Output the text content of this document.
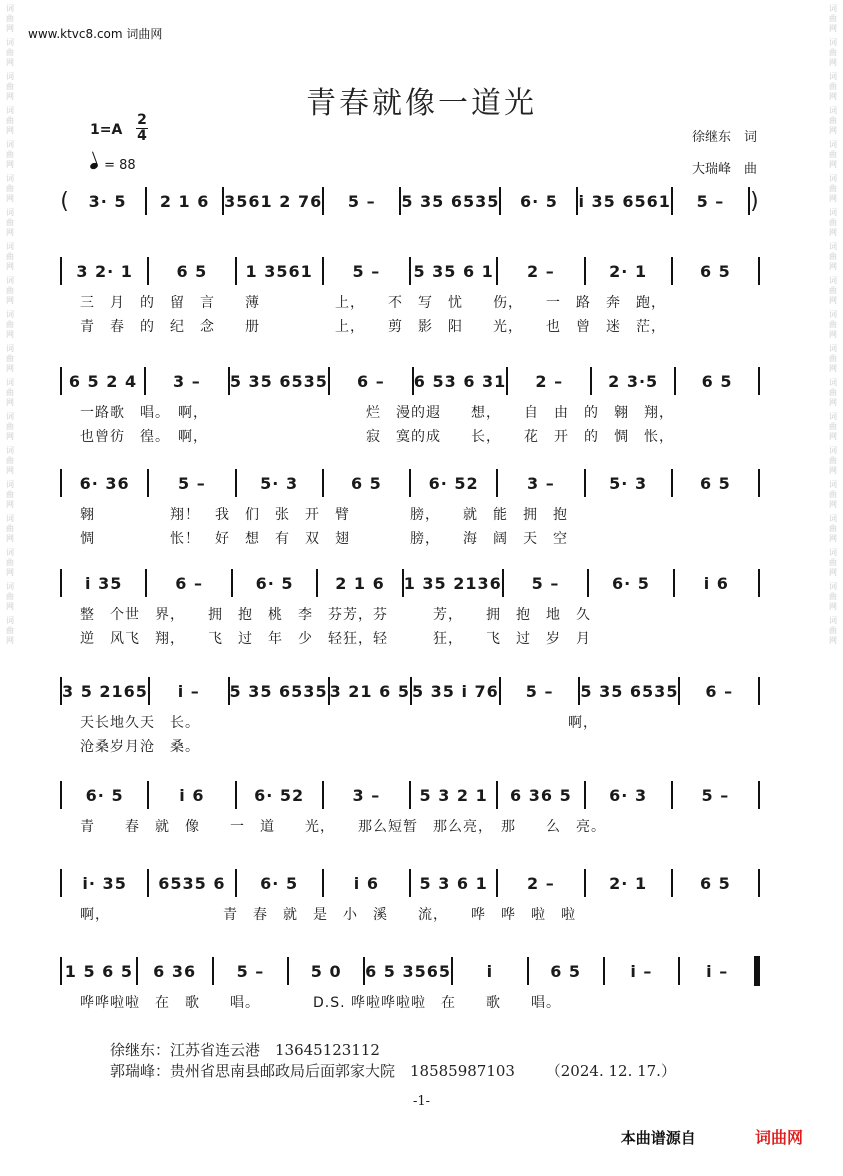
词
曲
网
词
曲
网
词
曲
网
词
曲
网
词
曲
网
词
曲
网
词
曲
网
词
曲
网
词
曲
网
词
曲
网
词
曲
网
词
曲
网
词
曲
网
词
曲
网
词
曲
网
词
曲
网
词
曲
网
词
曲
网
词
曲
网
词
曲
网
词
曲
网
词
曲
网
词
曲
网
词
曲
网
词
曲
网
词
曲
网
词
曲
网
词
曲
网
词
曲
网
词
曲
网
词
曲
网
词
曲
网
词
曲
网
词
曲
网
词
曲
网
词
曲
网
词
曲
网
词
曲
网
www.ktvc8.com 词曲网
青春就像一道光
1=A
2
4
= 88
徐继东　词
大瑞峰　曲
(	3· 5	2 1 6 3561 2 76	5 –	5 35 6535	6· 5	i 35 6561	5 –	)
3 2· 1	6 5	1 3561	5 –	5 35 6 1	2 –	2· 1	6 5
三　月　的　留　言　　薄　　　　　上，　　不　写　忧　　伤，　　一　路　奔　跑，
青　春　的　纪　念　　册　　　　　上，　　剪　影　阳　　光，　　也　曾　迷　茫，
6 5 2 4	3 –	5 35 6535	6 –	6 53 6 31	2 –	2 3·5	6 5
一路歌　唱。　啊，　　　　　　　　　　　烂　漫的遐　　想，　　自　由　的　翱　翔，
也曾彷　徨。　啊，　　　　　　　　　　　寂　寞的成　　长，　　花　开　的　惆　怅，
6· 36	5 –	5· 3	6 5	6· 52	3 –	5· 3	6 5
翱　　　　　翔！　我　们　张　开　臂　　　　膀，　　就　能　拥　抱
惆　　　　　怅！　好　想　有　双　翅　　　　膀，　　海　阔　天　空
i 35	6 –	6· 5	2 1 6	1 35 2136	5 –	6· 5	i 6
整　个世　界，　　拥　抱　桃　李　芬芳，芬　　　芳，　　拥　抱　地　久
逆　风飞　翔，　　飞　过　年　少　轻狂，轻　　　狂，　　飞　过　岁　月
3 5 2165	i –	5 35 6535 3 21 6 5 5 35 i 76	5 –	5 35 6535	6 –
天长地久天　长。　　　　　　　　　　　　　　　　　　　　　　　　　啊，
沧桑岁月沧　桑。
6· 5	i 6	6· 52	3 –	5 3 2 1	6 36 5	6· 3	5 –
青　　春　就　像　　一　道　　光，　　那么短暂　那么亮，　那　　么　亮。
i· 35	6535 6	6· 5	i 6	5 3 6 1	2 –	2· 1	6 5
啊，　　　　　　　　青　春　就　是　小　溪　　流，　　哗　哗　啦　啦
1 5 6 5	6 36	5 –	5 0	6 5 3565	i	6 5	i –	i –
哗哗啦啦　在　歌　　唱。　　　　D.S. 哗啦哗啦啦　在　　歌　　唱。
徐继东：江苏省连云港　13645123112
郭瑞峰：贵州省思南县邮政局后面郭家大院　18585987103 （2024. 12. 17.）
-1-
本曲谱源自	词曲网
